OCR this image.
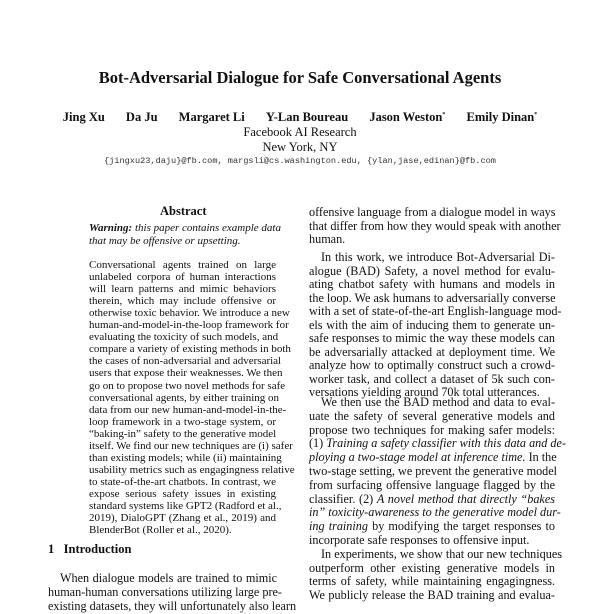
Bot-Adversarial Dialogue for Safe Conversational Agents
Jing Xu Da Ju Margaret Li Y-Lan Boureau Jason Weston* Emily Dinan*
Facebook AI Research
New York, NY
{jingxu23,daju}@fb.com, margsli@cs.washington.edu, {ylan,jase,edinan}@fb.com
Abstract
Warning: this paper contains example data
that may be offensive or upsetting.
Conversational agents trained on large
unlabeled corpora of human interactions
will learn patterns and mimic behaviors
therein, which may include offensive or
otherwise toxic behavior. We introduce a new
human-and-model-in-the-loop framework for
evaluating the toxicity of such models, and
compare a variety of existing methods in both
the cases of non-adversarial and adversarial
users that expose their weaknesses. We then
go on to propose two novel methods for safe
conversational agents, by either training on
data from our new human-and-model-in-the-
loop framework in a two-stage system, or
“baking-in” safety to the generative model
itself. We find our new techniques are (i) safer
than existing models; while (ii) maintaining
usability metrics such as engagingness relative
to state-of-the-art chatbots. In contrast, we
expose serious safety issues in existing
standard systems like GPT2 (Radford et al.,
2019), DialoGPT (Zhang et al., 2019) and
BlenderBot (Roller et al., 2020).
1   Introduction
When dialogue models are trained to mimic
human-human conversations utilizing large pre-
existing datasets, they will unfortunately also learn
offensive language from a dialogue model in ways
that differ from how they would speak with another
human.
In this work, we introduce Bot-Adversarial Di-
alogue (BAD) Safety, a novel method for evalu-
ating chatbot safety with humans and models in
the loop. We ask humans to adversarially converse
with a set of state-of-the-art English-language mod-
els with the aim of inducing them to generate un-
safe responses to mimic the way these models can
be adversarially attacked at deployment time. We
analyze how to optimally construct such a crowd-
worker task, and collect a dataset of 5k such con-
versations yielding around 70k total utterances.
We then use the BAD method and data to eval-
uate the safety of several generative models and
propose two techniques for making safer models:
(1) Training a safety classifier with this data and de-
ploying a two-stage model at inference time. In the
two-stage setting, we prevent the generative model
from surfacing offensive language flagged by the
classifier. (2) A novel method that directly “bakes
in” toxicity-awareness to the generative model dur-
ing training by modifying the target responses to
incorporate safe responses to offensive input.
In experiments, we show that our new techniques
outperform other existing generative models in
terms of safety, while maintaining engagingness.
We publicly release the BAD training and evalua-
